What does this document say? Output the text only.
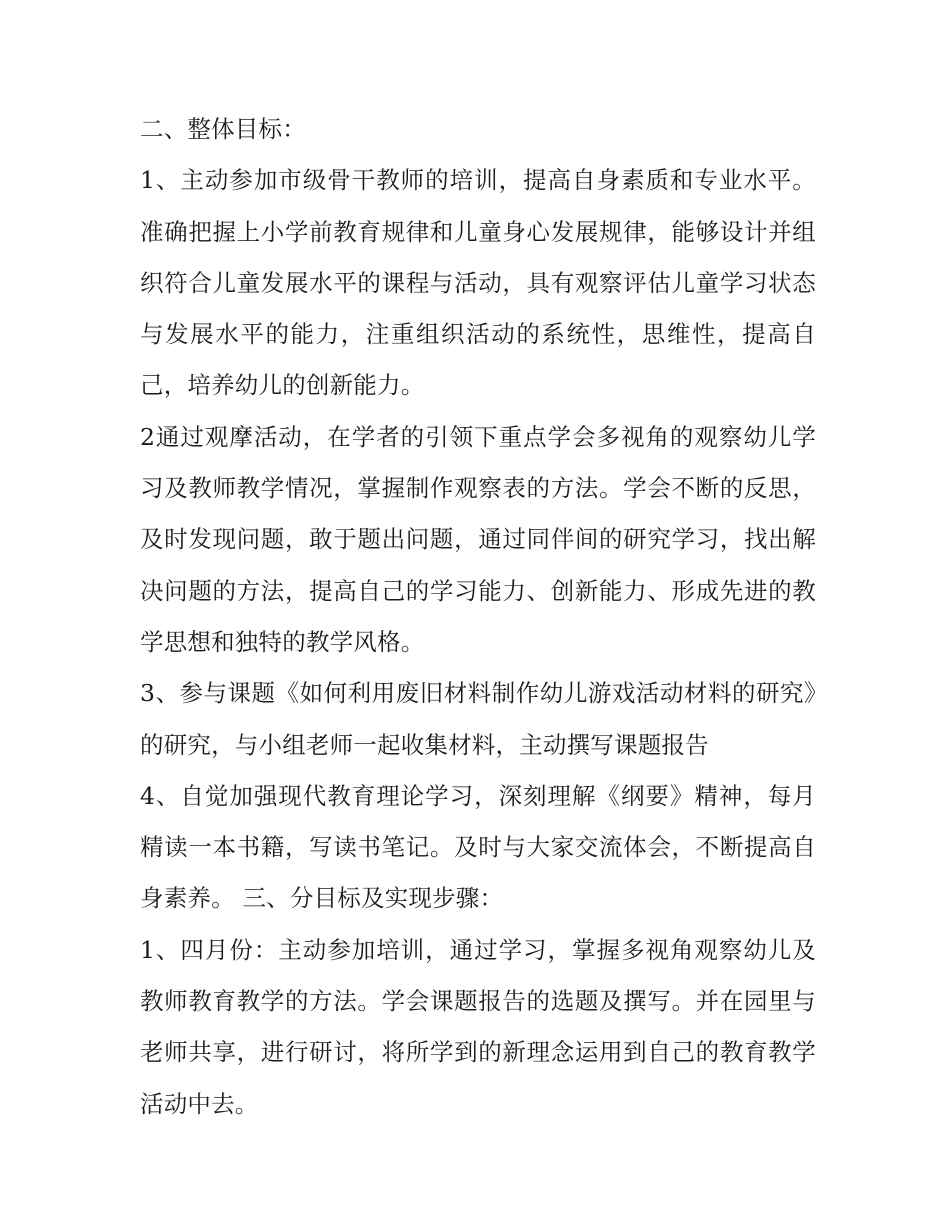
二、整体目标：

1、主动参加市级骨干教师的培训，提高自身素质和专业水平。准确把握上小学前教育规律和儿童身心发展规律，能够设计并组织符合儿童发展水平的课程与活动，具有观察评估儿童学习状态与发展水平的能力，注重组织活动的系统性，思维性，提高自己，培养幼儿的创新能力。

2通过观摩活动，在学者的引领下重点学会多视角的观察幼儿学习及教师教学情况，掌握制作观察表的方法。学会不断的反思，及时发现问题，敢于题出问题，通过同伴间的研究学习，找出解决问题的方法，提高自己的学习能力、创新能力、形成先进的教学思想和独特的教学风格。

3、参与课题《如何利用废旧材料制作幼儿游戏活动材料的研究》的研究，与小组老师一起收集材料，主动撰写课题报告

4、自觉加强现代教育理论学习，深刻理解《纲要》精神，每月精读一本书籍，写读书笔记。及时与大家交流体会，不断提高自身素养。 三、分目标及实现步骤：

1、四月份：主动参加培训，通过学习，掌握多视角观察幼儿及教师教育教学的方法。学会课题报告的选题及撰写。并在园里与老师共享，进行研讨，将所学到的新理念运用到自己的教育教学活动中去。
